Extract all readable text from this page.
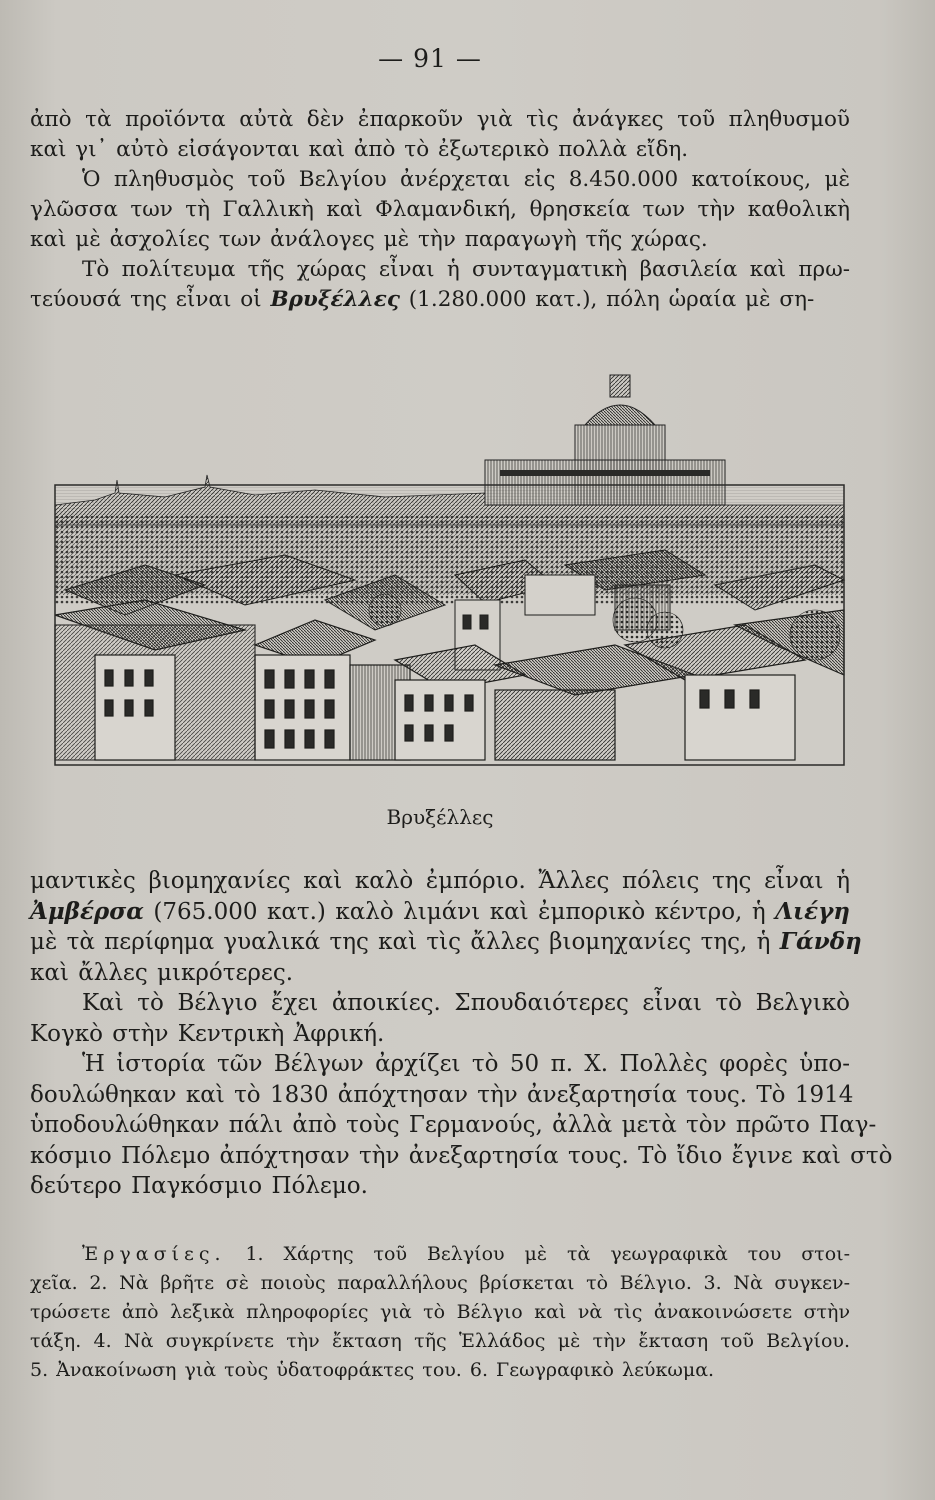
— 91 —
ἀπὸ τὰ προϊόντα αὐτὰ δὲν ἐπαρκοῦν γιὰ τὶς ἀνάγκες τοῦ πληθυσμοῦ
καὶ γι᾽ αὐτὸ εἰσάγονται καὶ ἀπὸ τὸ ἐξωτερικὸ πολλὰ εἴδη.
Ὁ πληθυσμὸς τοῦ Βελγίου ἀνέρχεται εἰς 8.450.000 κατοίκους, μὲ
γλῶσσα των τὴ Γαλλικὴ καὶ Φλαμανδική, θρησκεία των τὴν καθολικὴ
καὶ μὲ ἀσχολίες των ἀνάλογες μὲ τὴν παραγωγὴ τῆς χώρας.
Τὸ πολίτευμα τῆς χώρας εἶναι ἡ συνταγματικὴ βασιλεία καὶ πρω-
τεύουσά της εἶναι οἱ Βρυξέλλες (1.280.000 κατ.), πόλη ὡραία μὲ ση-
Βρυξέλλες
μαντικὲς βιομηχανίες καὶ καλὸ ἐμπόριο. Ἄλλες πόλεις της εἶναι ἡ
Ἀμβέρσα (765.000 κατ.) καλὸ λιμάνι καὶ ἐμπορικὸ κέντρο, ἡ Λιέγη
μὲ τὰ περίφημα γυαλικά της καὶ τὶς ἄλλες βιομηχανίες της, ἡ Γάνδη
καὶ ἄλλες μικρότερες.
Καὶ τὸ Βέλγιο ἔχει ἀποικίες. Σπουδαιότερες εἶναι τὸ Βελγικὸ
Κογκὸ στὴν Κεντρικὴ Ἀφρική.
Ἡ ἱστορία τῶν Βέλγων ἀρχίζει τὸ 50 π. Χ. Πολλὲς φορὲς ὑπο-
δουλώθηκαν καὶ τὸ 1830 ἀπόχτησαν τὴν ἀνεξαρτησία τους. Τὸ 1914
ὑποδουλώθηκαν πάλι ἀπὸ τοὺς Γερμανούς, ἀλλὰ μετὰ τὸν πρῶτο Παγ-
κόσμιο Πόλεμο ἀπόχτησαν τὴν ἀνεξαρτησία τους. Τὸ ἴδιο ἔγινε καὶ στὸ
δεύτερο Παγκόσμιο Πόλεμο.
Ἐργασίες. 1. Χάρτης τοῦ Βελγίου μὲ τὰ γεωγραφικὰ του στοι-
χεῖα. 2. Νὰ βρῆτε σὲ ποιοὺς παραλλήλους βρίσκεται τὸ Βέλγιο. 3. Νὰ συγκεν-
τρώσετε ἀπὸ λεξικὰ πληροφορίες γιὰ τὸ Βέλγιο καὶ νὰ τὶς ἀνακοινώσετε στὴν
τάξη. 4. Νὰ συγκρίνετε τὴν ἔκταση τῆς Ἑλλάδος μὲ τὴν ἔκταση τοῦ Βελγίου.
5. Ἀνακοίνωση γιὰ τοὺς ὑδατοφράκτες του. 6. Γεωγραφικὸ λεύκωμα.
